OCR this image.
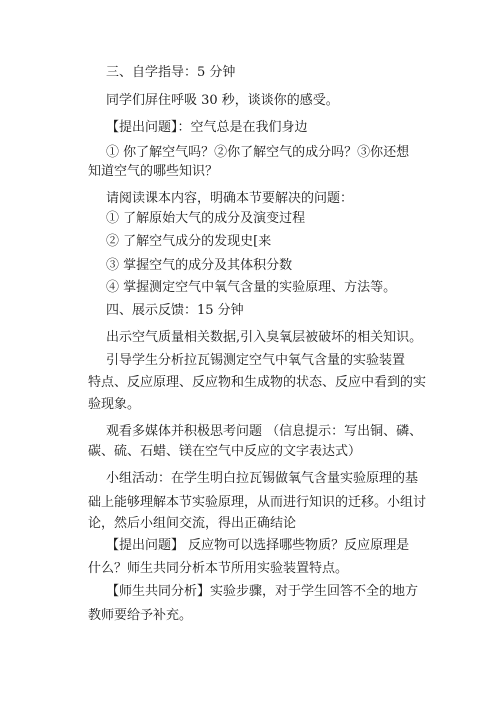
三、自学指导：5 分钟
同学们屏住呼吸 30 秒，谈谈你的感受。
【提出问题】：空气总是在我们身边
① 你了解空气吗？②你了解空气的成分吗？③你还想
知道空气的哪些知识？
请阅读课本内容，明确本节要解决的问题：
① 了解原始大气的成分及演变过程
② 了解空气成分的发现史[来
③ 掌握空气的成分及其体积分数
④ 掌握测定空气中氧气含量的实验原理、方法等。
四、展示反馈：15 分钟
出示空气质量相关数据,引入臭氧层被破坏的相关知识。
引导学生分析拉瓦锡测定空气中氧气含量的实验装置
特点、反应原理、反应物和生成物的状态、反应中看到的实
验现象。
观看多媒体并积极思考问题 （信息提示：写出铜、磷、
碳、硫、石蜡、镁在空气中反应的文字表达式）
小组活动：在学生明白拉瓦锡做氧气含量实验原理的基
础上能够理解本节实验原理，从而进行知识的迁移。小组讨
论，然后小组间交流，得出正确结论
【提出问题】 反应物可以选择哪些物质？反应原理是
什么？师生共同分析本节所用实验装置特点。
【师生共同分析】实验步骤，对于学生回答不全的地方
教师要给予补充。
